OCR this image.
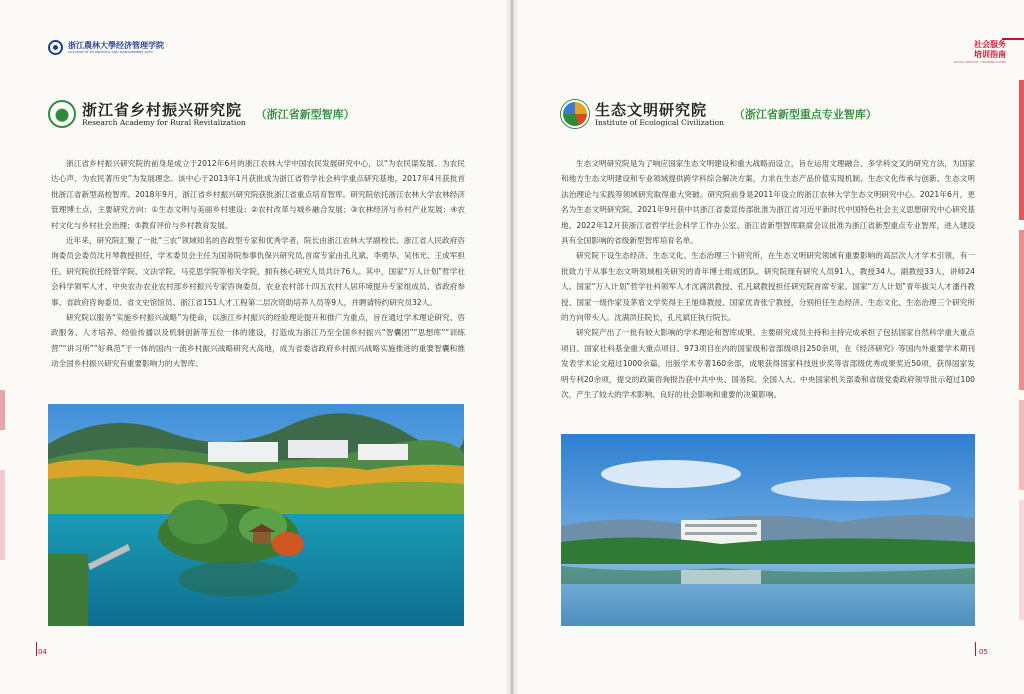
浙江農林大學经济管理学院
COLLEGE OF ECONOMICS AND MANAGEMENT ZAFU
浙江省乡村振兴研究院
Research Academy for Rural Revitalization
（浙江省新型智库）

浙江省乡村振兴研究院的前身是成立于2012年6月的浙江农林大学中国农民发展研究中心，以“为农民谋发展、为农民达心声、为农民著历史”为发展理念。该中心于2013年1月获批成为浙江省哲学社会科学重点研究基地，2017年4月获批首批浙江省新型高校智库。2018年9月，浙江省乡村振兴研究院获批浙江省重点培育智库。研究院依托浙江农林大学农林经济管理博士点，主要研究方向：①生态文明与美丽乡村建设；②农村改革与城乡融合发展；③农林经济与乡村产业发展；④农村文化与乡村社会治理；⑤教育评价与乡村教育发展。

近年来，研究院汇聚了一批“三农”领域知名的咨政型专家和优秀学者，院长由浙江农林大学副校长、浙江省人民政府咨询委员会委员沈月琴教授担任，学术委员会主任为国务院参事仇保兴研究员,首席专家由孔凡斌、李勇华、吴伟光、王成军担任。研究院依托经管学院、文法学院、马克思学院等相关学院，拥有核心研究人员共计76人。其中，国家“万人计划”哲学社会科学领军人才、中央农办农业农村部乡村振兴专家咨询委员、农业农村部十四五农村人居环境提升专家组成员、省政府参事、省政府咨询委员、省文史馆馆员、浙江省151人才工程第二层次资助培养人员等9人，并聘请特约研究员32人。

研究院以服务“实施乡村振兴战略”为使命，以浙江乡村振兴的经验理论提升和推广为重点，旨在通过学术理论研究、咨政服务、人才培养、经验传播以及机制创新等五位一体的建设，打造成为浙江乃至全国乡村振兴“智囊团”“思想库”“训练营”“讲习所”“好典范”于一体的国内一流乡村振兴战略研究大高地，成为省委省政府乡村振兴战略实施推进的重要智囊和推动全国乡村振兴研究有重要影响力的大智库。

04
社会服务
培训指南
SOCIAL SERVICE · TRAINING GUIDE
生态文明研究院
Institute of Ecological Civilization
（浙江省新型重点专业智库）

生态文明研究院是为了响应国家生态文明建设和重大战略而设立，旨在运用文理融合、多学科交叉的研究方法，为国家和地方生态文明建设和专业领域提供跨学科综合解决方案，力求在生态产品价值实现机制、生态文化传承与创新、生态文明法治理论与实践等领域研究取得重大突破。研究院前身是2011年设立的浙江农林大学生态文明研究中心。2021年6月，更名为生态文明研究院。2021年9月获中共浙江省委宣传部批准为浙江省习近平新时代中国特色社会主义思想研究中心研究基地。2022年12月获浙江省哲学社会科学工作办公室、浙江省新型智库联席会议批准为浙江省新型重点专业智库，进入建设具有全国影响的省级新型智库培育名单。

研究院下设生态经济、生态文化、生态治理三个研究所，在生态文明研究领域有重要影响的高层次人才学术引领，有一批致力于从事生态文明领域相关研究的青年博士组成团队。研究院现有研究人员91人，教授34人，副教授33人，讲师24人。国家“万人计划”哲学社科领军人才沈满洪教授、孔凡斌教授担任研究院首席专家。国家“万人计划”青年拔尖人才潘丹教授、国家一级作家及茅盾文学奖得主王旭烽教授、国家优青张宁教授，分别担任生态经济、生态文化、生态治理三个研究所的方向带头人。沈满洪任院长，孔凡斌任执行院长。

研究院产出了一批有较大影响的学术理论和智库成果。主要研究成员主持和主持完成承担了包括国家自然科学重大重点项目、国家社科基金重大重点项目、973项目在内的国家级和省部级项目250余项，在《经济研究》等国内外重要学术期刊发表学术论文超过1000余篇，出版学术专著160余部，成果获得国家科技进步奖等省部级优秀成果奖近50项，获得国家发明专利20余项，提交的政策咨询报告获中共中央、国务院、全国人大、中央国家机关部委和省级党委政府领导批示超过100次，产生了较大的学术影响、良好的社会影响和重要的决策影响。

05
